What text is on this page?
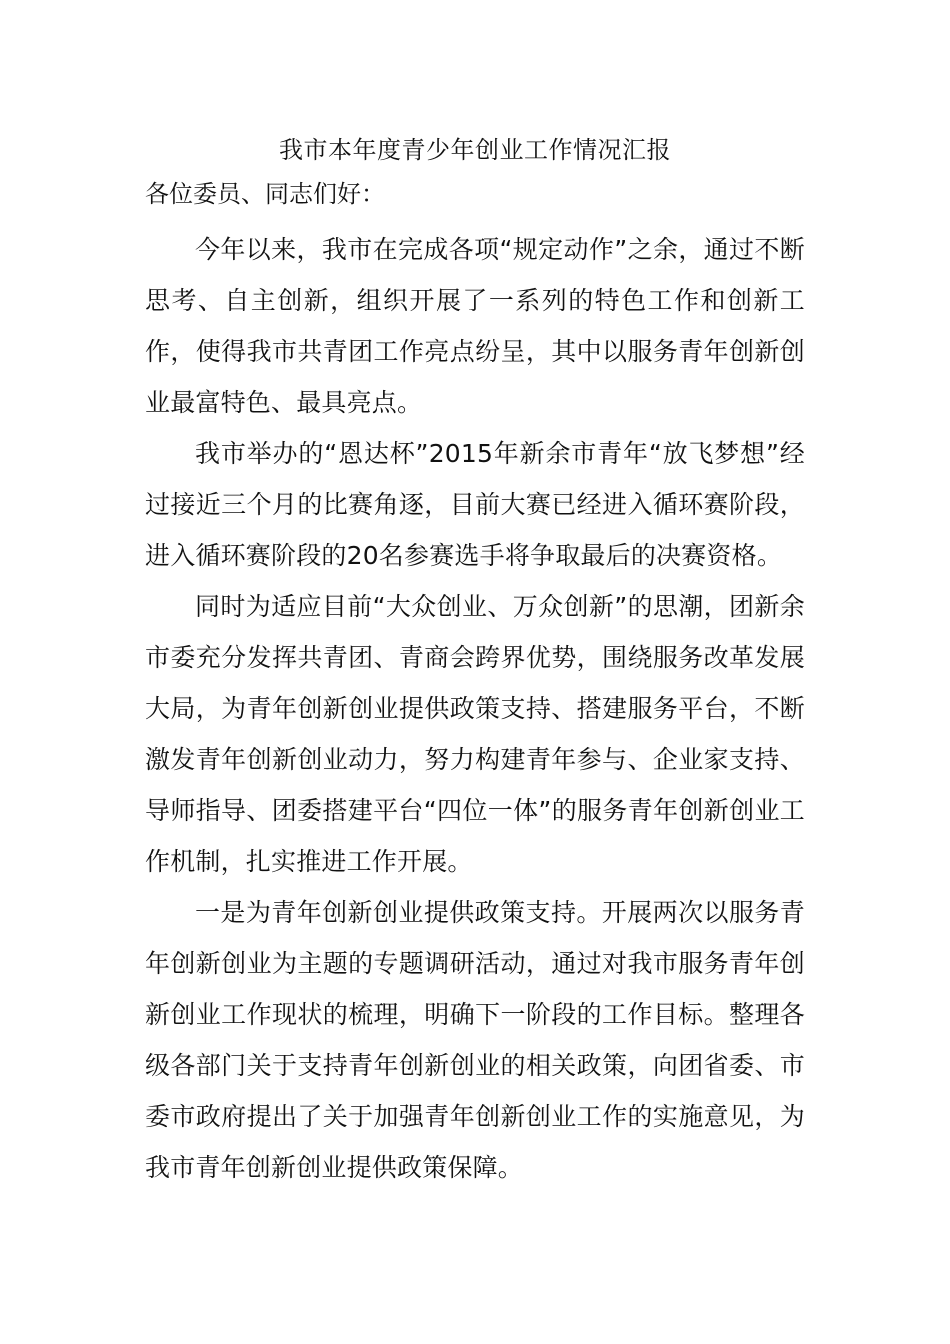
我市本年度青少年创业工作情况汇报

各位委员、同志们好：

今年以来，我市在完成各项“规定动作”之余，通过不断思考、自主创新，组织开展了一系列的特色工作和创新工作，使得我市共青团工作亮点纷呈，其中以服务青年创新创业最富特色、最具亮点。

我市举办的“恩达杯”2015年新余市青年“放飞梦想”经过接近三个月的比赛角逐，目前大赛已经进入循环赛阶段，进入循环赛阶段的20名参赛选手将争取最后的决赛资格。

同时为适应目前“大众创业、万众创新”的思潮，团新余市委充分发挥共青团、青商会跨界优势，围绕服务改革发展大局，为青年创新创业提供政策支持、搭建服务平台，不断激发青年创新创业动力，努力构建青年参与、企业家支持、导师指导、团委搭建平台“四位一体”的服务青年创新创业工作机制，扎实推进工作开展。

一是为青年创新创业提供政策支持。开展两次以服务青年创新创业为主题的专题调研活动，通过对我市服务青年创新创业工作现状的梳理，明确下一阶段的工作目标。整理各级各部门关于支持青年创新创业的相关政策，向团省委、市委市政府提出了关于加强青年创新创业工作的实施意见，为我市青年创新创业提供政策保障。
